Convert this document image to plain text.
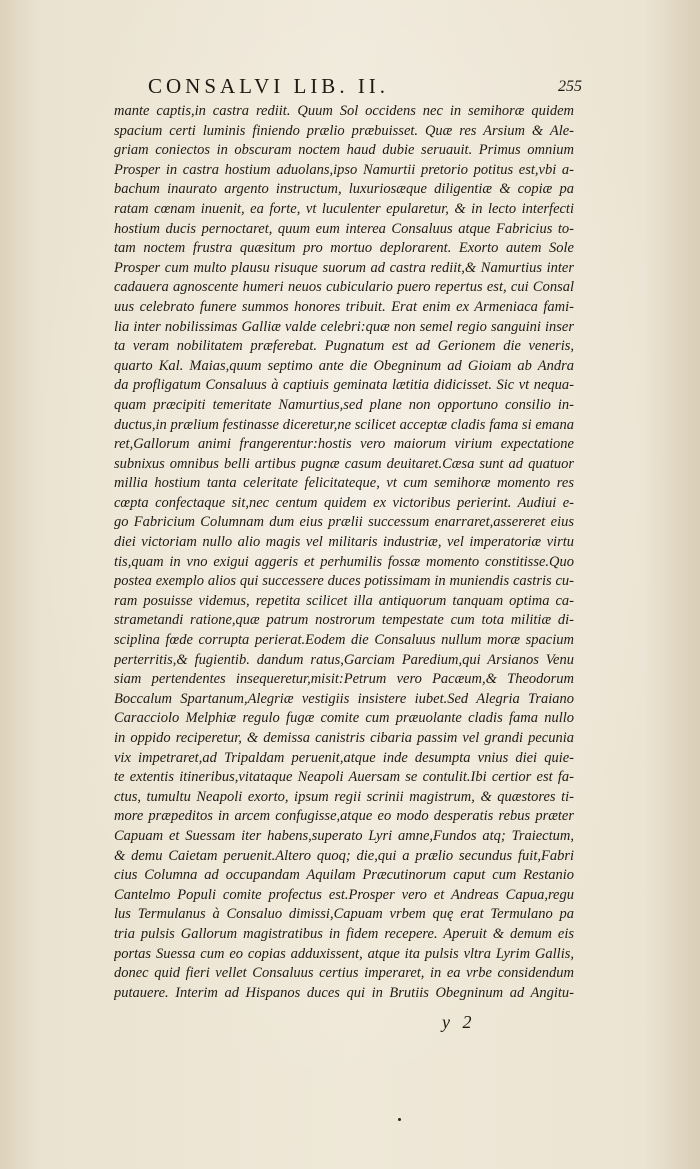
CONSALVI LIB. II.	255
mante captis,in castra rediit. Quum Sol occidens nec in semihoræ quidem
spacium certi luminis finiendo prælio præbuisset. Quæ res Arsium & Ale-
griam coniectos in obscuram noctem haud dubie seruauit. Primus omnium
Prosper in castra hostium aduolans,ipso Namurtii pretorio potitus est,vbi a-
bachum inaurato argento instructum, luxuriosæque diligentiæ & copiæ pa
ratam cœnam inuenit, ea forte, vt luculenter epularetur, & in lecto interfecti
hostium ducis pernoctaret, quum eum interea Consaluus atque Fabricius to-
tam noctem frustra quæsitum pro mortuo deplorarent. Exorto autem Sole
Prosper cum multo plausu risuque suorum ad castra rediit,& Namurtius inter
cadauera agnoscente humeri neuos cubiculario puero repertus est, cui Consal
uus celebrato funere summos honores tribuit. Erat enim ex Armeniaca fami-
lia inter nobilissimas Galliæ valde celebri:quæ non semel regio sanguini inser
ta veram nobilitatem præferebat. Pugnatum est ad Gerionem die veneris,
quarto Kal. Maias,quum septimo ante die Obegninum ad Gioiam ab Andra
da profligatum Consaluus à captiuis geminata lætitia didicisset. Sic vt nequa-
quam præcipiti temeritate Namurtius,sed plane non opportuno consilio in-
ductus,in prælium festinasse diceretur,ne scilicet acceptæ cladis fama si emana
ret,Gallorum animi frangerentur:hostis vero maiorum virium expectatione
subnixus omnibus belli artibus pugnæ casum deuitaret.Cæsa sunt ad quatuor
millia hostium tanta celeritate felicitateque, vt cum semihoræ momento res
cœpta confectaque sit,nec centum quidem ex victoribus perierint. Audiui e-
go Fabricium Columnam dum eius prælii successum enarraret,assereret eius
diei victoriam nullo alio magis vel militaris industriæ, vel imperatoriæ virtu
tis,quam in vno exigui aggeris et perhumilis fossæ momento constitisse.Quo
postea exemplo alios qui successere duces potissimam in muniendis castris cu-
ram posuisse videmus, repetita scilicet illa antiquorum tanquam optima ca-
strametandi ratione,quæ patrum nostrorum tempestate cum tota militiæ di-
sciplina fœde corrupta perierat.Eodem die Consaluus nullum moræ spacium
perterritis,& fugientib. dandum ratus,Garciam Paredium,qui Arsianos Venu
siam pertendentes insequeretur,misit:Petrum vero Pacæum,& Theodorum
Boccalum Spartanum,Alegriæ vestigiis insistere iubet.Sed Alegria Traiano
Caracciolo Melphiæ regulo fugæ comite cum præuolante cladis fama nullo
in oppido reciperetur, & demissa canistris cibaria passim vel grandi pecunia
vix impetraret,ad Tripaldam peruenit,atque inde desumpta vnius diei quie-
te extentis itineribus,vitataque Neapoli Auersam se contulit.Ibi certior est fa-
ctus, tumultu Neapoli exorto, ipsum regii scrinii magistrum, & quæstores ti-
more præpeditos in arcem confugisse,atque eo modo desperatis rebus præter
Capuam et Suessam iter habens,superato Lyri amne,Fundos atq; Traiectum,
& demu Caietam peruenit.Altero quoq; die,qui a prælio secundus fuit,Fabri
cius Columna ad occupandam Aquilam Præcutinorum caput cum Restanio
Cantelmo Populi comite profectus est.Prosper vero et Andreas Capua,regu
lus Termulanus à Consaluo dimissi,Capuam vrbem quę erat Termulano pa
tria pulsis Gallorum magistratibus in fidem recepere. Aperuit & demum eis
portas Suessa cum eo copias adduxissent, atque ita pulsis vltra Lyrim Gallis,
donec quid fieri vellet Consaluus certius imperaret, in ea vrbe considendum
putauere. Interim ad Hispanos duces qui in Brutiis Obegninum ad Angitu-
y 2
